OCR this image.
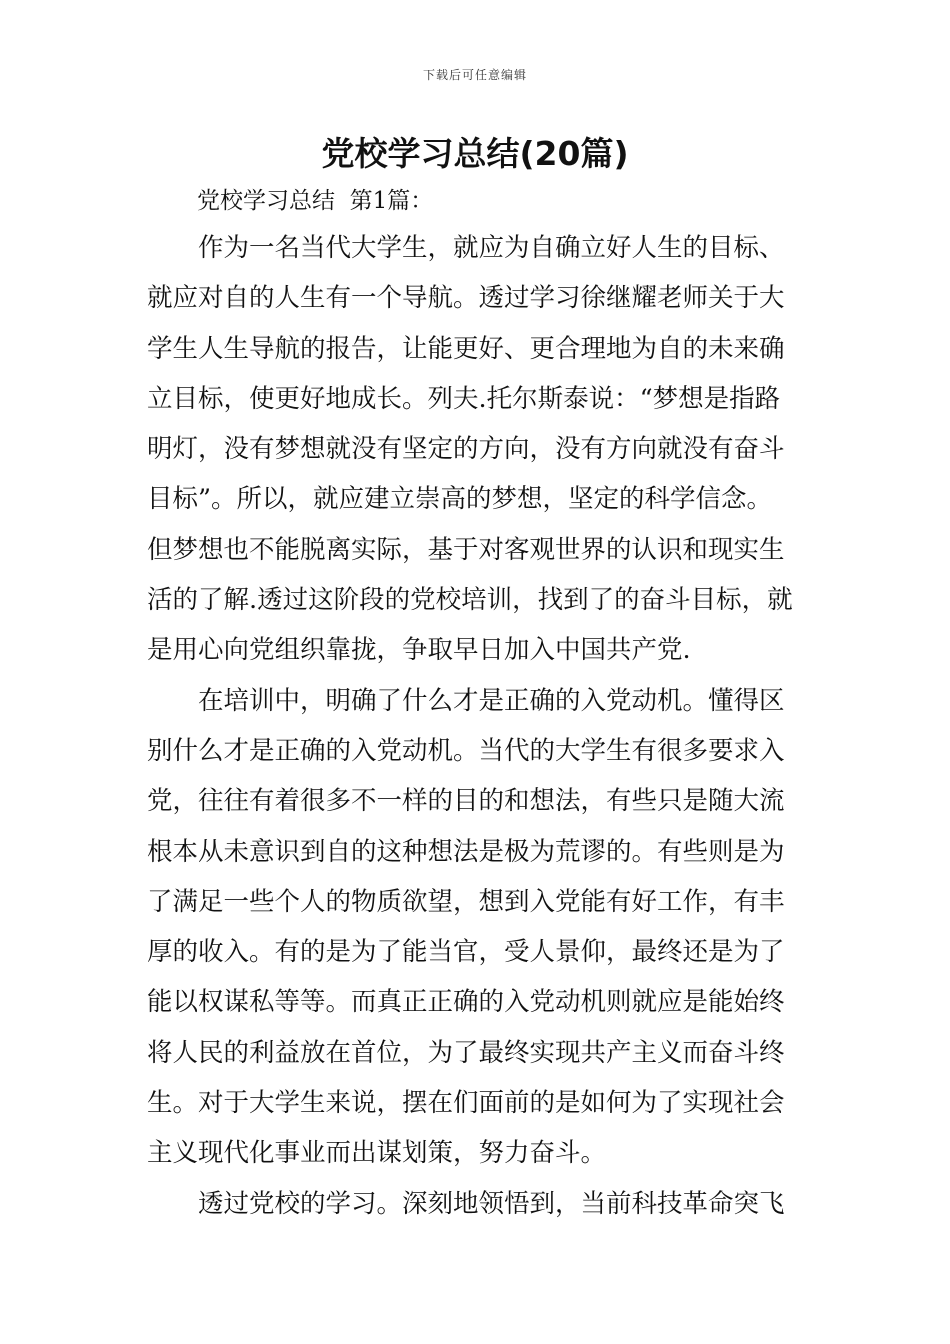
下载后可任意编辑
党校学习总结(20篇)
党校学习总结  第1篇：
作为一名当代大学生，就应为自确立好人生的目标、
就应对自的人生有一个导航。透过学习徐继耀老师关于大
学生人生导航的报告，让能更好、更合理地为自的未来确
立目标，使更好地成长。列夫.托尔斯泰说：“梦想是指路
明灯，没有梦想就没有坚定的方向，没有方向就没有奋斗
目标”。所以，就应建立崇高的梦想，坚定的科学信念。
但梦想也不能脱离实际，基于对客观世界的认识和现实生
活的了解.透过这阶段的党校培训，找到了的奋斗目标，就
是用心向党组织靠拢，争取早日加入中国共产党.
在培训中，明确了什么才是正确的入党动机。懂得区
别什么才是正确的入党动机。当代的大学生有很多要求入
党，往往有着很多不一样的目的和想法，有些只是随大流
根本从未意识到自的这种想法是极为荒谬的。有些则是为
了满足一些个人的物质欲望，想到入党能有好工作，有丰
厚的收入。有的是为了能当官，受人景仰，最终还是为了
能以权谋私等等。而真正正确的入党动机则就应是能始终
将人民的利益放在首位，为了最终实现共产主义而奋斗终
生。对于大学生来说，摆在们面前的是如何为了实现社会
主义现代化事业而出谋划策，努力奋斗。
透过党校的学习。深刻地领悟到，当前科技革命突飞
